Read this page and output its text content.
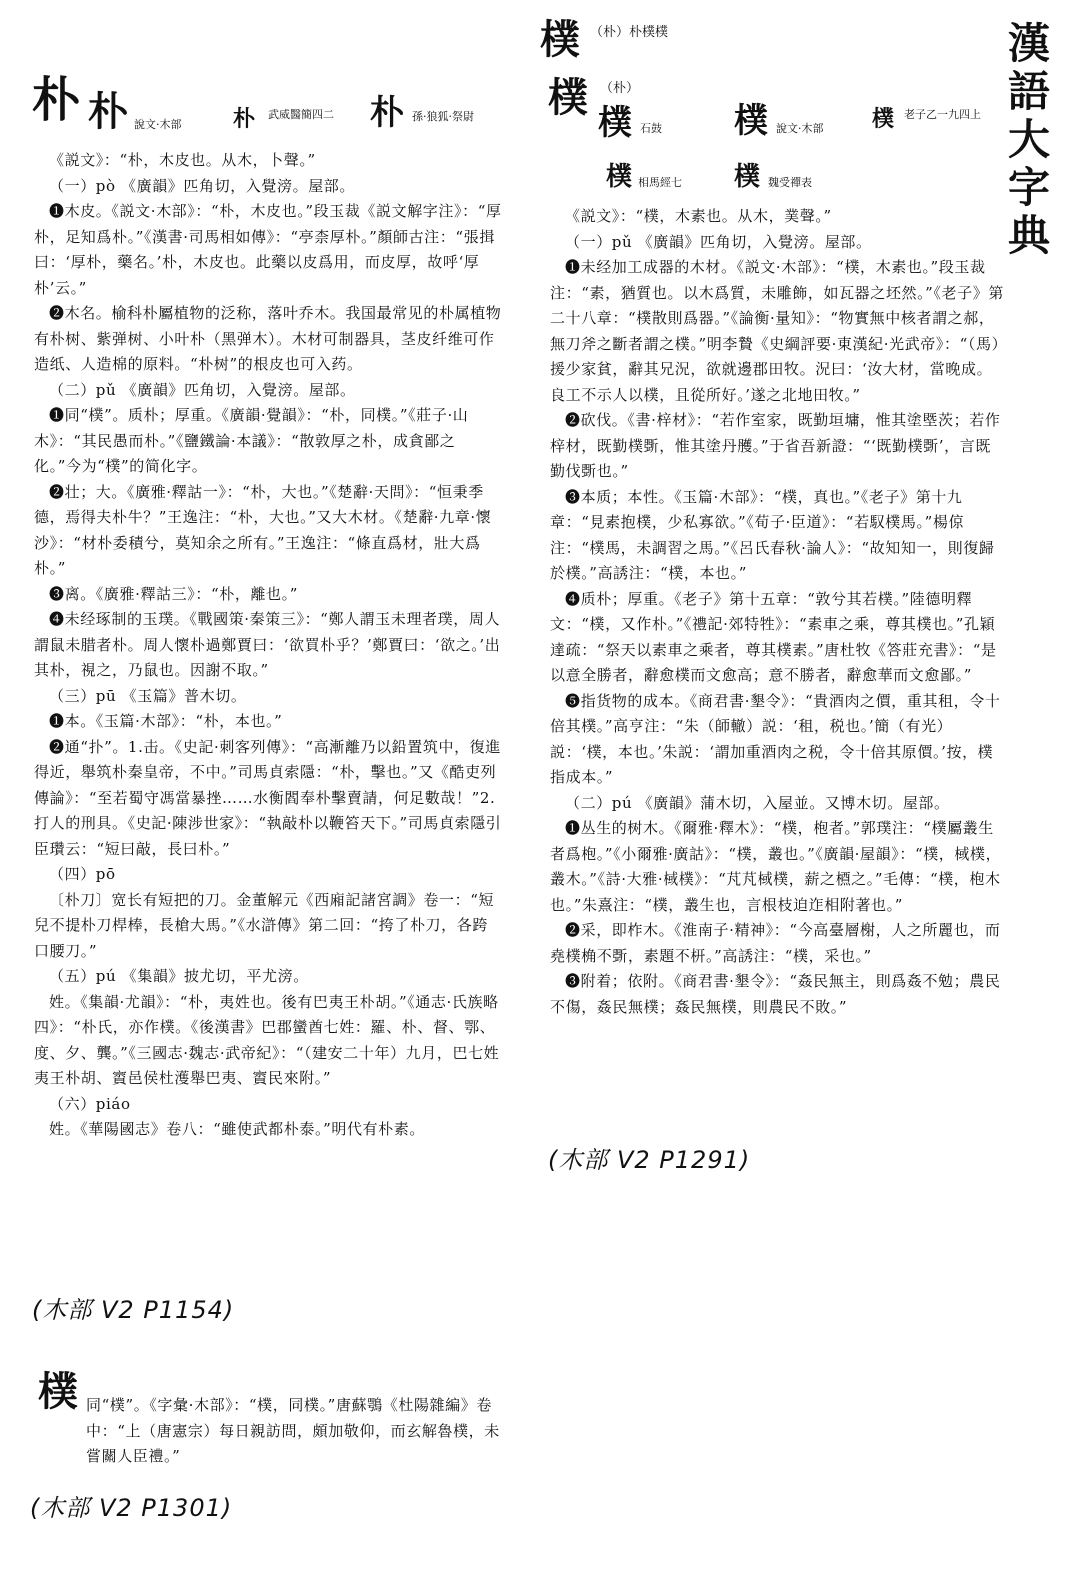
漢
語
大
字
典
朴 朴 說文·木部 朴 武威醫簡四二	朴 孫·狼狐·祭尉

《説文》：“朴，木皮也。从木，卜聲。”

（一）pò 《廣韻》匹角切，入覺滂。屋部。

❶木皮。《説文·木部》：“朴，木皮也。”段玉裁《説文解字注》：“厚朴，足知爲朴。”《漢書·司馬相如傳》：“亭柰厚朴。”顏師古注：“張揖曰：‘厚朴，藥名。’朴，木皮也。此藥以皮爲用，而皮厚，故呼‘厚朴’云。”

❷木名。榆科朴屬植物的泛称，落叶乔木。我国最常见的朴属植物有朴树、紫弹树、小叶朴（黑弹木）。木材可制器具，茎皮纤维可作造纸、人造棉的原料。“朴树”的根皮也可入药。

（二）pǔ 《廣韻》匹角切，入覺滂。屋部。

❶同“樸”。质朴；厚重。《廣韻·覺韻》：“朴，同樸。”《莊子·山木》：“其民愚而朴。”《鹽鐵論·本議》：“散敦厚之朴，成貪鄙之化。”今为“樸”的简化字。

❷壮；大。《廣雅·釋詁一》：“朴，大也。”《楚辭·天問》：“恒秉季德，焉得夫朴牛？”王逸注：“朴，大也。”又大木材。《楚辭·九章·懷沙》：“材朴委積兮，莫知余之所有。”王逸注：“條直爲材，壯大爲朴。”

❸离。《廣雅·釋詁三》：“朴，離也。”

❹未经琢制的玉璞。《戰國策·秦策三》：“鄭人謂玉未理者璞，周人謂鼠未腊者朴。周人懷朴過鄭賈曰：‘欲買朴乎？’鄭賈曰：‘欲之。’出其朴，視之，乃鼠也。因謝不取。”

（三）pū 《玉篇》普木切。

❶本。《玉篇·木部》：“朴，本也。”

❷通“扑”。1.击。《史記·刺客列傳》：“高漸離乃以鉛置筑中，復進得近，舉筑朴秦皇帝，不中。”司馬貞索隱：“朴，擊也。”又《酷吏列傳論》：“至若蜀守馮當暴挫……水衡閻奉朴擊賣請，何足數哉！”2.打人的刑具。《史記·陳涉世家》：“執敲朴以鞭笞天下。”司馬貞索隱引臣瓚云：“短曰敲，長曰朴。”

（四）pō

〔朴刀〕宽长有短把的刀。金董解元《西廂記諸宮調》卷一：“短兒不提朴刀桿棒，長槍大馬。”《水滸傳》第二回：“挎了朴刀，各跨口腰刀。”

（五）pú 《集韻》披尤切，平尤滂。

姓。《集韻·尤韻》：“朴，夷姓也。後有巴夷王朴胡。”《通志·氏族略四》：“朴氏，亦作樸。《後漢書》巴郡蠻酋七姓：羅、朴、督、鄂、度、夕、龔。”《三國志·魏志·武帝紀》：“（建安二十年）九月，巴七姓夷王朴胡、賨邑侯杜濩舉巴夷、賨民來附。”

（六）piáo

姓。《華陽國志》卷八：“雖使武都朴泰。”明代有朴素。

(木部 V2 P1154)
樸 同“樸”。《字彙·木部》：“樸，同樸。”唐蘇鶚《杜陽雜編》卷中：“上（唐憲宗）每日親訪問，頗加敬仰，而玄解魯樸，未嘗關人臣禮。”

(木部 V2 P1301)
樸 （朴）朴樸樸
樸 （朴）
樸 石鼓 樸 說文·木部 樸 老子乙一九四上
樸 相馬經七 樸 魏受禪表

《説文》：“樸，木素也。从木，菐聲。”

（一）pǔ 《廣韻》匹角切，入覺滂。屋部。

❶未经加工成器的木材。《説文·木部》：“樸，木素也。”段玉裁注：“素，猶質也。以木爲質，未雕飾，如瓦器之坯然。”《老子》第二十八章：“樸散則爲器。”《論衡·量知》：“物實無中核者謂之郝，無刀斧之斷者謂之樸。”明李贄《史綱評要·東漢紀·光武帝》：“（馬）援少家貧，辭其兄況，欲就邊郡田牧。況曰：‘汝大材，當晚成。良工不示人以樸，且從所好。’遂之北地田牧。”

❷砍伐。《書·梓材》：“若作室家，既勤垣墉，惟其塗塈茨；若作梓材，既勤樸斲，惟其塗丹雘。”于省吾新證：“‘既勤樸斲’，言既勤伐斲也。”

❸本质；本性。《玉篇·木部》：“樸，真也。”《老子》第十九章：“見素抱樸，少私寡欲。”《荀子·臣道》：“若馭樸馬。”楊倞注：“樸馬，未調習之馬。”《呂氏春秋·論人》：“故知知一，則復歸於樸。”高誘注：“樸，本也。”

❹质朴；厚重。《老子》第十五章：“敦兮其若樸。”陸德明釋文：“樸，又作朴。”《禮記·郊特牲》：“素車之乘，尊其樸也。”孔穎達疏：“祭天以素車之乘者，尊其樸素。”唐杜牧《答莊充書》：“是以意全勝者，辭愈樸而文愈高；意不勝者，辭愈華而文愈鄙。”

❺指货物的成本。《商君書·墾令》：“貴酒肉之價，重其租，令十倍其樸。”高亨注：“朱（師轍）説：‘租，税也。’簡（有光）説：‘樸，本也。’朱説：‘謂加重酒肉之税，令十倍其原價。’按，樸指成本。”

（二）pú 《廣韻》蒲木切，入屋並。又博木切。屋部。

❶丛生的树木。《爾雅·釋木》：“樸，枹者。”郭璞注：“樸屬叢生者爲枹。”《小爾雅·廣詁》：“樸，叢也。”《廣韻·屋韻》：“樸，棫樸，叢木。”《詩·大雅·棫樸》：“芃芃棫樸，薪之槱之。”毛傳：“樸，枹木也。”朱熹注：“樸，叢生也，言根枝迫迮相附著也。”

❷采，即柞木。《淮南子·精神》：“今高臺層榭，人之所麗也，而堯樸桷不斲，素題不枅。”高誘注：“樸，采也。”

❸附着；依附。《商君書·墾令》：“姦民無主，則爲姦不勉；農民不傷，姦民無樸；姦民無樸，則農民不敗。”

(木部 V2 P1291)
